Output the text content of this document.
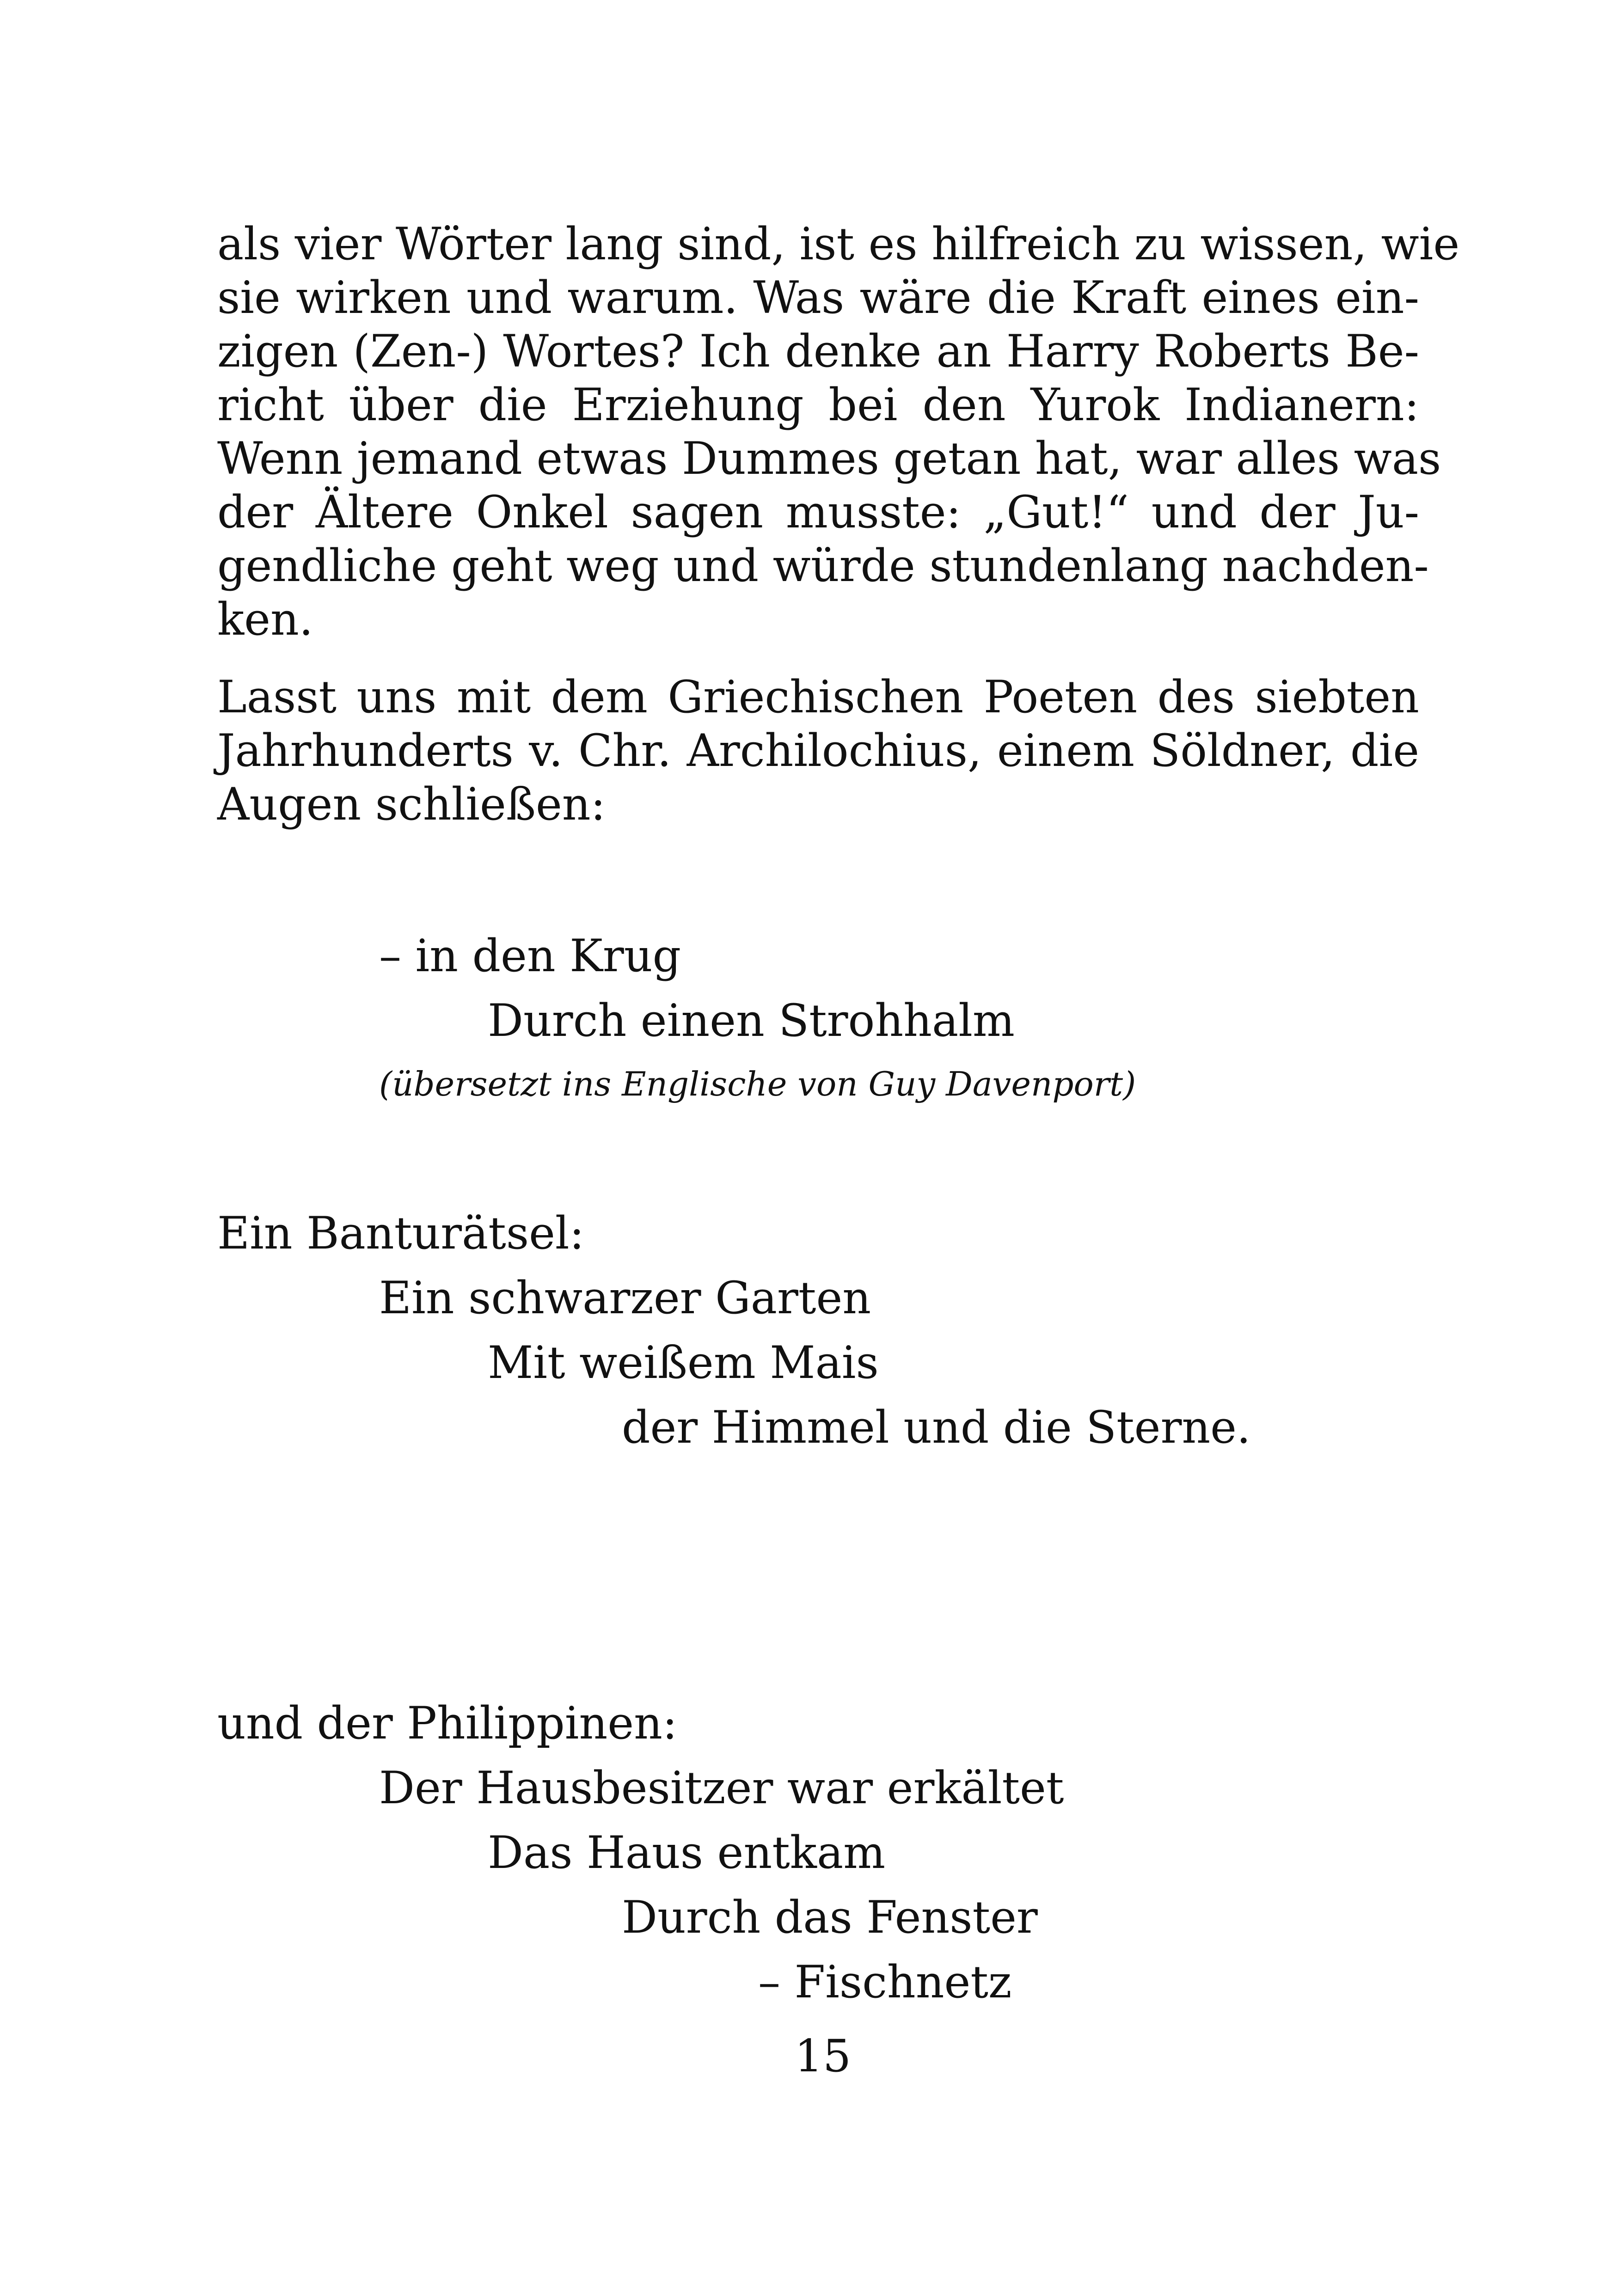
als vier Wörter lang sind, ist es hilfreich zu wissen, wie
sie wirken und warum. Was wäre die Kraft eines ein-
zigen (Zen-) Wortes? Ich denke an Harry Roberts Be-
richt über die Erziehung bei den Yurok Indianern:
Wenn jemand etwas Dummes getan hat, war alles was
der Ältere Onkel sagen musste: „Gut!“ und der Ju-
gendliche geht weg und würde stundenlang nachden-
ken.
Lasst uns mit dem Griechischen Poeten des siebten
Jahrhunderts v. Chr. Archilochius, einem Söldner, die
Augen schließen:

– in den Krug

Durch einen Strohhalm

(übersetzt ins Englische von Guy Davenport)

Ein Banturätsel:

Ein schwarzer Garten

Mit weißem Mais

der Himmel und die Sterne.

und der Philippinen:

Der Hausbesitzer war erkältet

Das Haus entkam

Durch das Fenster

– Fischnetz

15
